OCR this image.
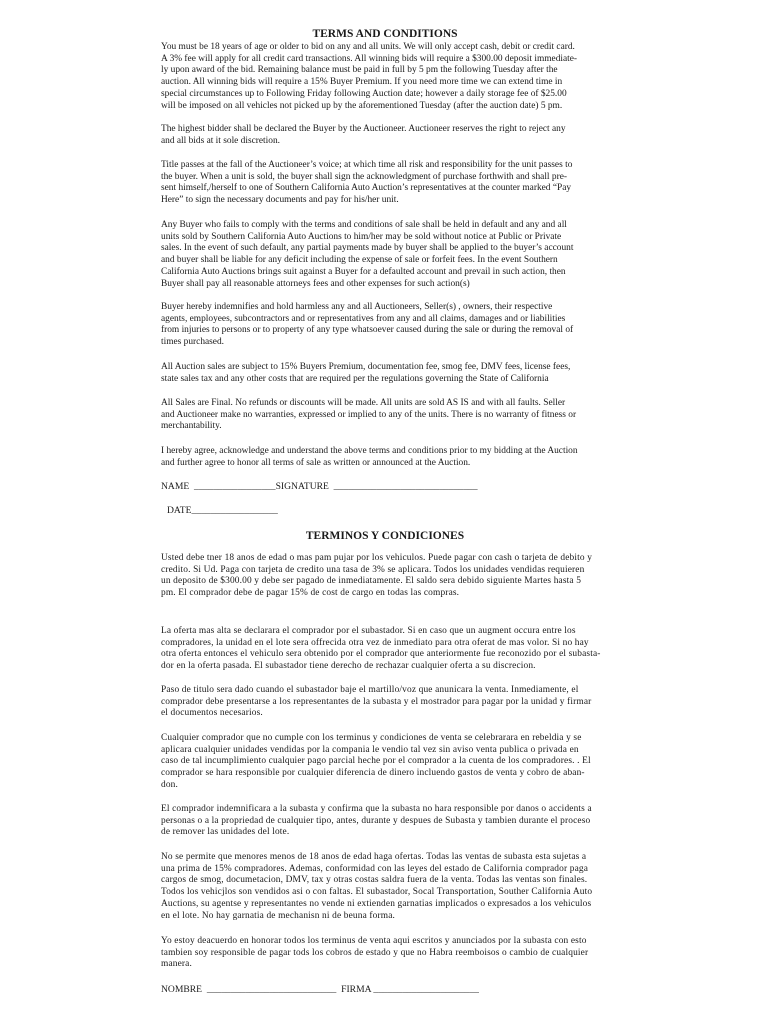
TERMS AND CONDITIONS

You must be 18 years of age or older to bid on any and all units. We will only accept cash, debit or credit card.
A 3% fee will apply for all credit card transactions. All winning bids will require a $300.00 deposit immediate-
ly upon award of the bid. Remaining balance must be paid in full by 5 pm the following Tuesday after the
auction. All winning bids will require a 15% Buyer Premium. If you need more time we can extend time in
special circumstances up to Following Friday following Auction date; however a daily storage fee of $25.00
will be imposed on all vehicles not picked up by the aforementioned Tuesday (after the auction date) 5 pm.

The highest bidder shall be declared the Buyer by the Auctioneer. Auctioneer reserves the right to reject any
and all bids at it sole discretion.

Title passes at the fall of the Auctioneer’s voice; at which time all risk and responsibility for the unit passes to
the buyer. When a unit is sold, the buyer shall sign the acknowledgment of purchase forthwith and shall pre-
sent himself,/herself to one of Southern California Auto Auction’s representatives at the counter marked “Pay
Here” to sign the necessary documents and pay for his/her unit.

Any Buyer who fails to comply with the terms and conditions of sale shall be held in default and any and all
units sold by Southern California Auto Auctions to him/her may be sold without notice at Public or Private
sales. In the event of such default, any partial payments made by buyer shall be applied to the buyer’s account
and buyer shall be liable for any deficit including the expense of sale or forfeit fees. In the event Southern
California Auto Auctions brings suit against a Buyer for a defaulted account and prevail in such action, then
Buyer shall pay all reasonable attorneys fees and other expenses for such action(s)

Buyer hereby indemnifies and hold harmless any and all Auctioneers, Seller(s) , owners, their respective
agents, employees, subcontractors and or representatives from any and all claims, damages and or liabilities
from injuries to persons or to property of any type whatsoever caused during the sale or during the removal of
times purchased.

All Auction sales are subject to 15% Buyers Premium, documentation fee, smog fee, DMV fees, license fees,
state sales tax and any other costs that are required per the regulations governing the State of California

All Sales are Final. No refunds or discounts will be made. All units are sold AS IS and with all faults. Seller
and Auctioneer make no warranties, expressed or implied to any of the units. There is no warranty of fitness or
merchantability.

I hereby agree, acknowledge and understand the above terms and conditions prior to my bidding at the Auction
and further agree to honor all terms of sale as written or announced at the Auction.

NAME  _________________SIGNATURE  ______________________________

DATE__________________

TERMINOS Y CONDICIONES

Usted debe tner 18 anos de edad o mas pam pujar por los vehiculos. Puede pagar con cash o tarjeta de debito y
credito. Si Ud. Paga con tarjeta de credito una tasa de 3% se aplicara. Todos los unidades vendidas requieren
un deposito de $300.00 y debe ser pagado de inmediatamente. El saldo sera debido siguiente Martes hasta 5
pm. El comprador debe de pagar 15% de cost de cargo en todas las compras.

La oferta mas alta se declarara el comprador por el subastador. Si en caso que un augment occura entre los
compradores, la unidad en el lote sera offrecida otra vez de inmediato para otra oferat de mas volor. Si no hay
otra oferta entonces el vehiculo sera obtenido por el comprador que anteriormente fue reconozido por el subasta-
dor en la oferta pasada. El subastador tiene derecho de rechazar cualquier oferta a su discrecion.

Paso de titulo sera dado cuando el subastador baje el martillo/voz que anunicara la venta. Inmediamente, el
comprador debe presentarse a los representantes de la subasta y el mostrador para pagar por la unidad y firmar
el documentos necesarios.

Cualquier comprador que no cumple con los terminus y condiciones de venta se celebrarara en rebeldia y se
aplicara cualquier unidades vendidas por la compania le vendio tal vez sin aviso venta publica o privada en
caso de tal incumplimiento cualquier pago parcial heche por el comprador a la cuenta de los compradores. . El
comprador se hara responsible por cualquier diferencia de dinero incluendo gastos de venta y cobro de aban-
don.

El comprador indemnificara a la subasta y confirma que la subasta no hara responsible por danos o accidents a
personas o a la propriedad de cualquier tipo, antes, durante y despues de Subasta y tambien durante el proceso
de remover las unidades del lote.

No se permite que menores menos de 18 anos de edad haga ofertas. Todas las ventas de subasta esta sujetas a
una prima de 15% compradores. Ademas, conformidad con las leyes del estado de California comprador paga
cargos de smog, documetacion, DMV, tax y otras costas saldra fuera de la venta. Todas las ventas son finales.
Todos los vehicjlos son vendidos asi o con faltas. El subastador, Socal Transportation, Souther California Auto
Auctions, su agentse y representantes no vende ni extienden garnatias implicados o expresados a los vehiculos
en el lote. No hay garnatia de mechanisn ni de beuna forma.

Yo estoy deacuerdo en honorar todos los terminus de venta aqui escritos y anunciados por la subasta con esto
tambien soy responsible de pagar tods los cobros de estado y que no Habra reemboisos o cambio de cualquier
manera.

NOMBRE  ___________________________  FIRMA ______________________
